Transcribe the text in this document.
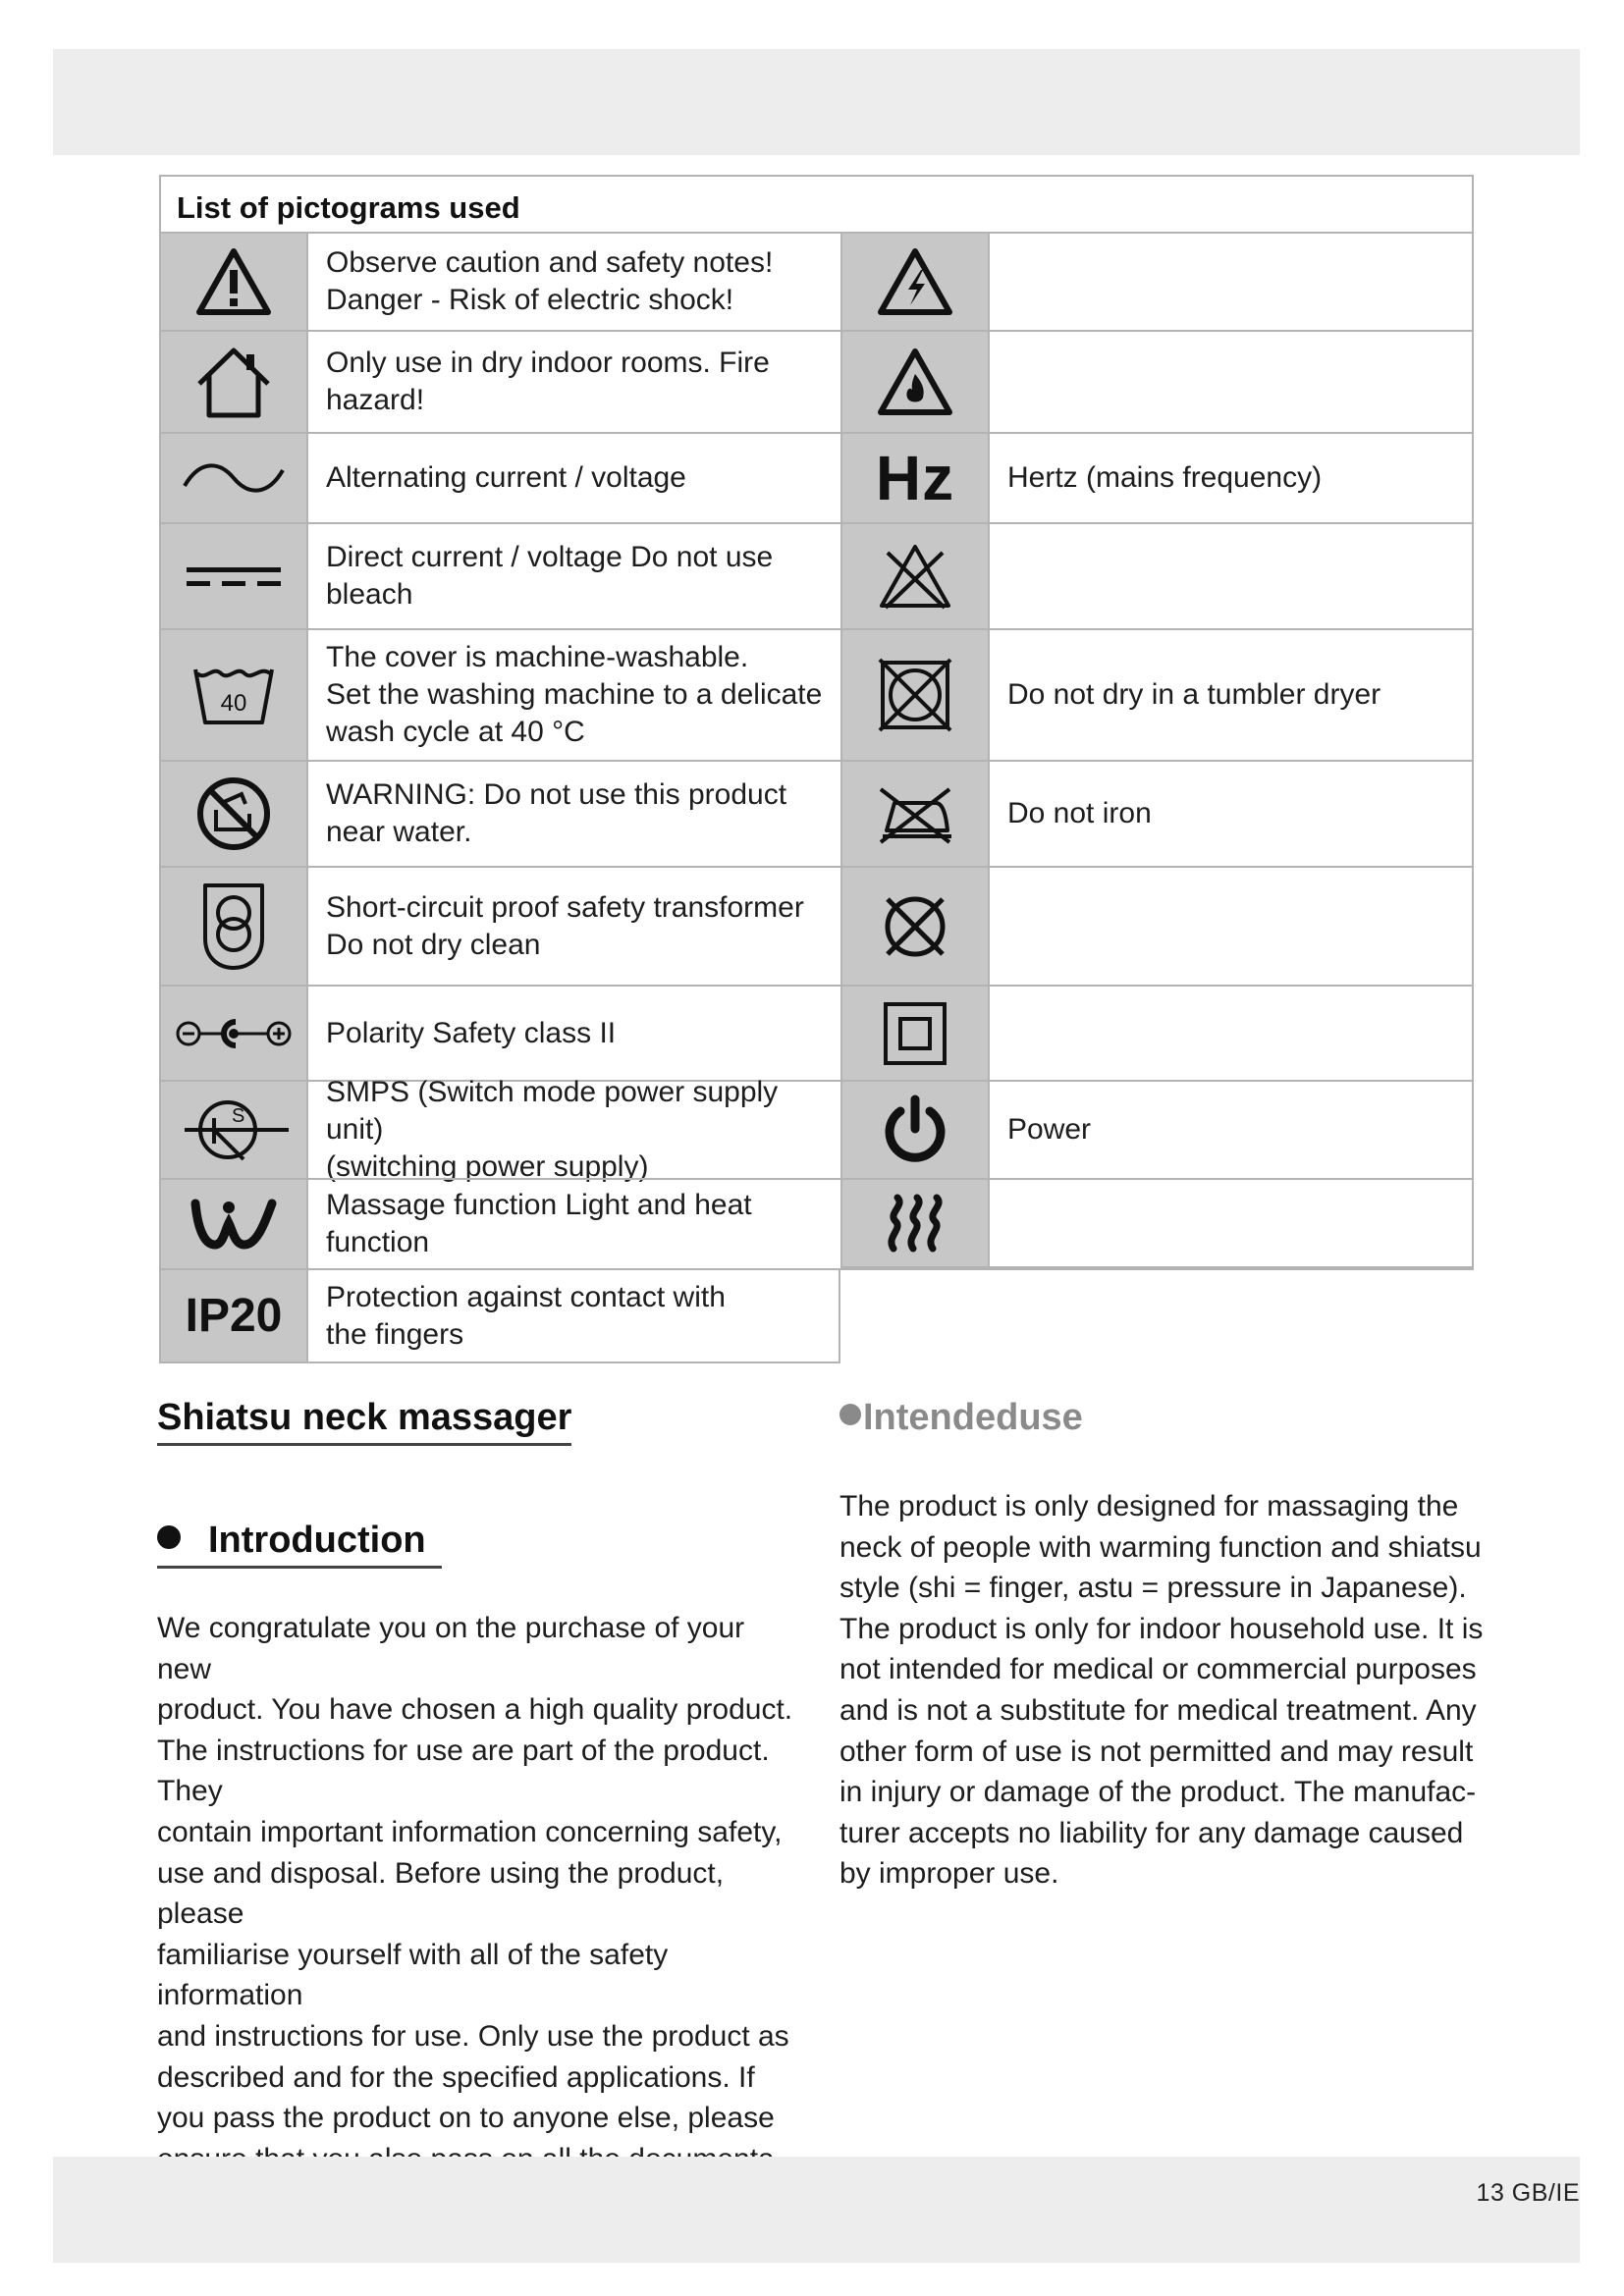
List of pictograms used
Observe caution and safety notes! Danger - Risk of electric shock!
Only use in dry indoor rooms. Fire hazard!
Alternating current / voltage	Hz Hertz (mains frequency)
Direct current / voltage Do not use bleach
40
The cover is machine-washable.
Set the washing machine to a delicate
wash cycle at 40 °C
Do not dry in a tumbler dryer
WARNING: Do not use this product
near water.
Do not iron
Short-circuit proof safety transformer Do not dry clean
Polarity Safety class II
S
SMPS (Switch mode power supply unit)
(switching power supply)
Power
Massage function Light and heat function
IP20 Protection against contact with
the fingers
Shiatsu neck massager
Introduction

We congratulate you on the purchase of your new
product. You have chosen a high quality product.
The instructions for use are part of the product. They
contain important information concerning safety,
use and disposal. Before using the product, please
familiarise yourself with all of the safety information
and instructions for use. Only use the product as
described and for the specified applications. If
you pass the product on to anyone else, please

Intendeduse

The product is only designed for massaging the
neck of people with warming function and shiatsu
style (shi = finger, astu = pressure in Japanese).
The product is only for indoor household use. It is
not intended for medical or commercial purposes
and is not a substitute for medical treatment. Any
other form of use is not permitted and may result
in injury or damage of the product. The manufac-
turer accepts no liability for any damage caused
by improper use.

13 GB/IE
